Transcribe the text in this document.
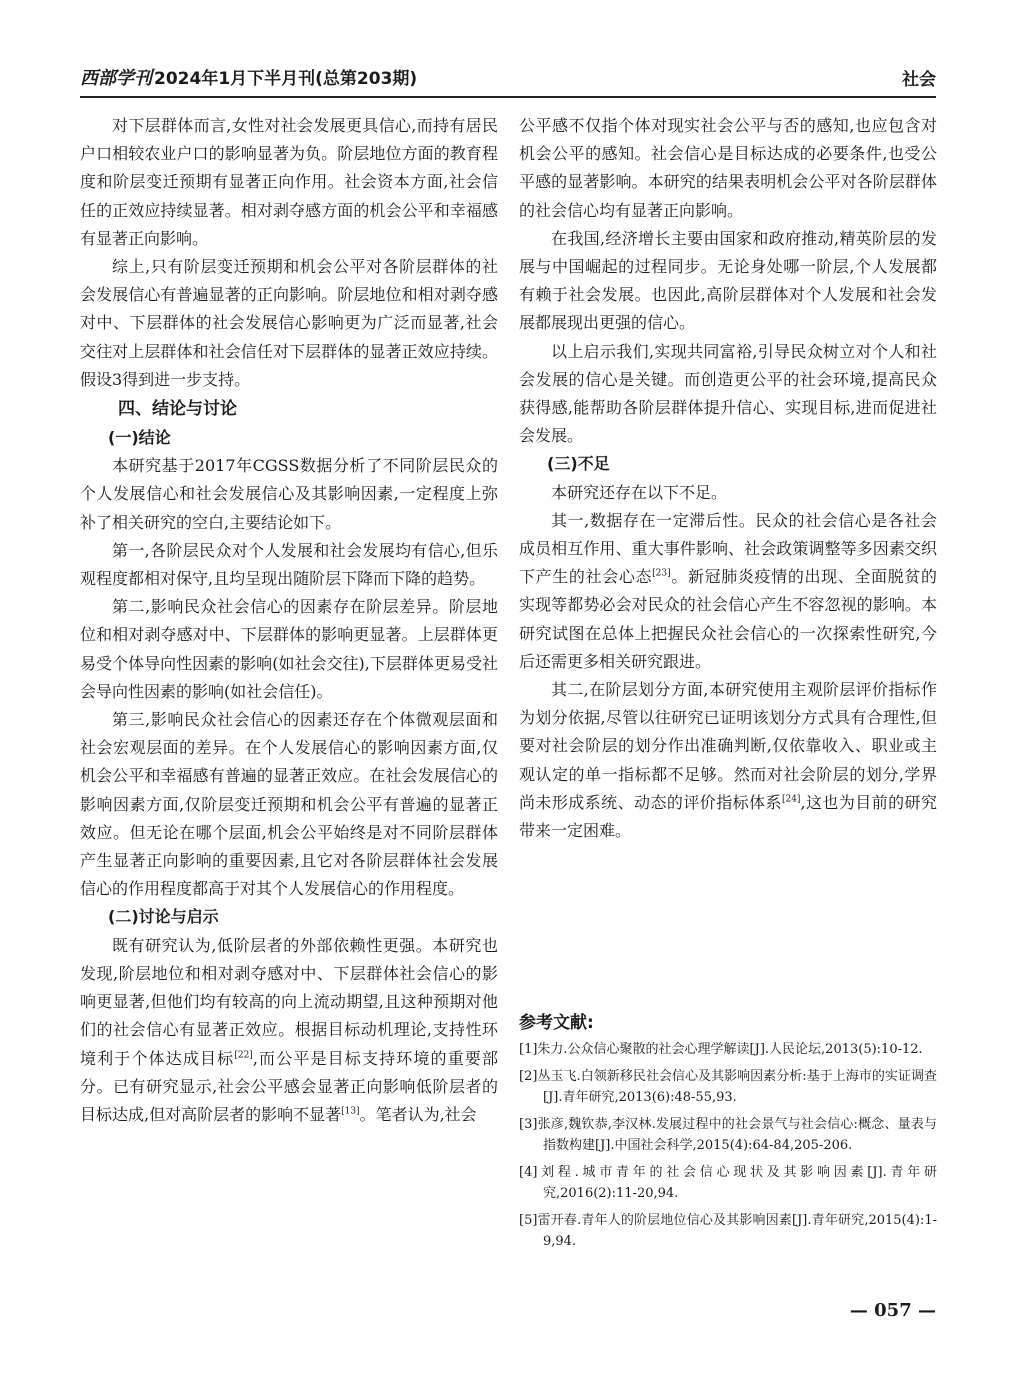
西部学刊 2024年1月下半月刊(总第203期)	社会

对下层群体而言,女性对社会发展更具信心,而持有居民户口相较农业户口的影响显著为负。阶层地位方面的教育程度和阶层变迁预期有显著正向作用。社会资本方面,社会信任的正效应持续显著。相对剥夺感方面的机会公平和幸福感有显著正向影响。

综上,只有阶层变迁预期和机会公平对各阶层群体的社会发展信心有普遍显著的正向影响。阶层地位和相对剥夺感对中、下层群体的社会发展信心影响更为广泛而显著,社会交往对上层群体和社会信任对下层群体的显著正效应持续。假设3得到进一步支持。

四、结论与讨论
(一)结论

本研究基于2017年CGSS数据分析了不同阶层民众的个人发展信心和社会发展信心及其影响因素,一定程度上弥补了相关研究的空白,主要结论如下。

第一,各阶层民众对个人发展和社会发展均有信心,但乐观程度都相对保守,且均呈现出随阶层下降而下降的趋势。

第二,影响民众社会信心的因素存在阶层差异。阶层地位和相对剥夺感对中、下层群体的影响更显著。上层群体更易受个体导向性因素的影响(如社会交往),下层群体更易受社会导向性因素的影响(如社会信任)。

第三,影响民众社会信心的因素还存在个体微观层面和社会宏观层面的差异。在个人发展信心的影响因素方面,仅机会公平和幸福感有普遍的显著正效应。在社会发展信心的影响因素方面,仅阶层变迁预期和机会公平有普遍的显著正效应。但无论在哪个层面,机会公平始终是对不同阶层群体产生显著正向影响的重要因素,且它对各阶层群体社会发展信心的作用程度都高于对其个人发展信心的作用程度。

(二)讨论与启示

既有研究认为,低阶层者的外部依赖性更强。本研究也发现,阶层地位和相对剥夺感对中、下层群体社会信心的影响更显著,但他们均有较高的向上流动期望,且这种预期对他们的社会信心有显著正效应。根据目标动机理论,支持性环境利于个体达成目标[22],而公平是目标支持环境的重要部分。已有研究显示,社会公平感会显著正向影响低阶层者的目标达成,但对高阶层者的影响不显著[13]。笔者认为,社会

公平感不仅指个体对现实社会公平与否的感知,也应包含对机会公平的感知。社会信心是目标达成的必要条件,也受公平感的显著影响。本研究的结果表明机会公平对各阶层群体的社会信心均有显著正向影响。

在我国,经济增长主要由国家和政府推动,精英阶层的发展与中国崛起的过程同步。无论身处哪一阶层,个人发展都有赖于社会发展。也因此,高阶层群体对个人发展和社会发展都展现出更强的信心。

以上启示我们,实现共同富裕,引导民众树立对个人和社会发展的信心是关键。而创造更公平的社会环境,提高民众获得感,能帮助各阶层群体提升信心、实现目标,进而促进社会发展。

(三)不足

本研究还存在以下不足。

其一,数据存在一定滞后性。民众的社会信心是各社会成员相互作用、重大事件影响、社会政策调整等多因素交织下产生的社会心态[23]。新冠肺炎疫情的出现、全面脱贫的实现等都势必会对民众的社会信心产生不容忽视的影响。本研究试图在总体上把握民众社会信心的一次探索性研究,今后还需更多相关研究跟进。

其二,在阶层划分方面,本研究使用主观阶层评价指标作为划分依据,尽管以往研究已证明该划分方式具有合理性,但要对社会阶层的划分作出准确判断,仅依靠收入、职业或主观认定的单一指标都不足够。然而对社会阶层的划分,学界尚未形成系统、动态的评价指标体系[24],这也为目前的研究带来一定困难。

参考文献:
[1]朱力.公众信心聚散的社会心理学解读[J].人民论坛,2013(5):10-12.
[2]丛玉飞.白领新移民社会信心及其影响因素分析:基于上海市的实证调查[J].青年研究,2013(6):48-55,93.
[3]张彦,魏钦恭,李汉林.发展过程中的社会景气与社会信心:概念、量表与指数构建[J].中国社会科学,2015(4):64-84,205-206.
[4]刘程.城市青年的社会信心现状及其影响因素[J].青年研究,2016(2):11-20,94.
[5]雷开春.青年人的阶层地位信心及其影响因素[J].青年研究,2015(4):1-9,94.
— 057 —
